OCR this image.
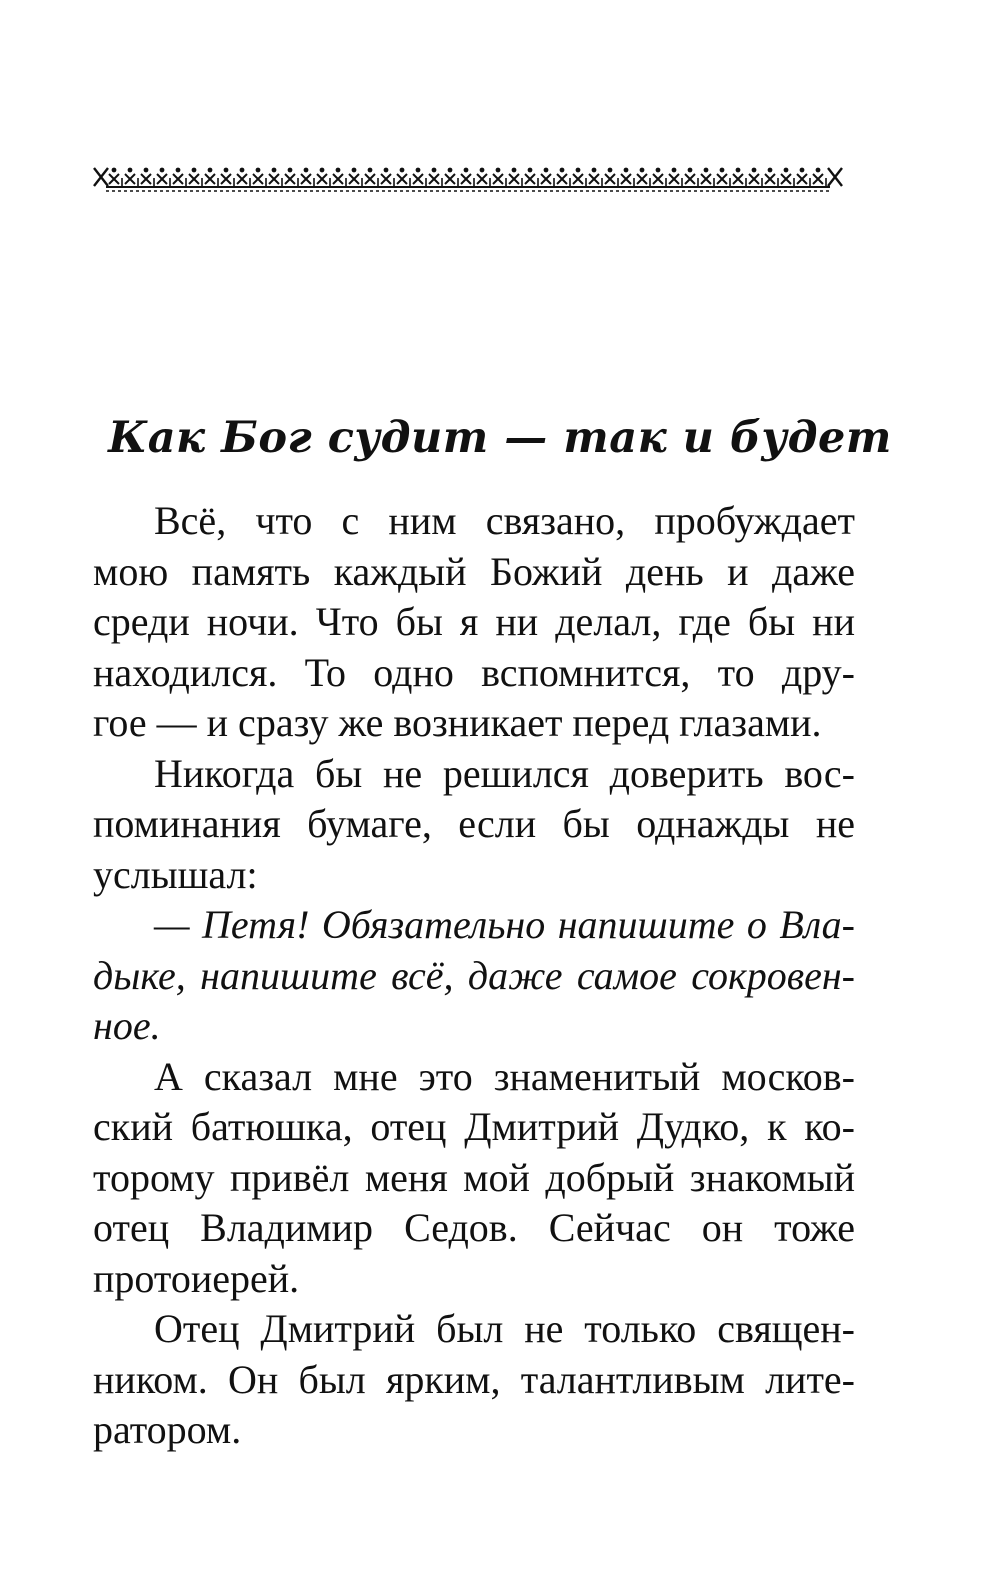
Как Бог судит — так и будет
Всё, что с ним связано, пробуждает
мою память каждый Божий день и даже
среди ночи. Что бы я ни делал, где бы ни
находился. То одно вспомнится, то дру-
гое — и сразу же возникает перед глазами.
Никогда бы не решился доверить вос-
поминания бумаге, если бы однажды не
услышал:
— Петя! Обязательно напишите о Вла-
дыке, напишите всё, даже самое сокровен-
ное.
А сказал мне это знаменитый москов-
ский батюшка, отец Дмитрий Дудко, к ко-
торому привёл меня мой добрый знакомый
отец Владимир Седов. Сейчас он тоже
протоиерей.
Отец Дмитрий был не только священ-
ником. Он был ярким, талантливым лите-
ратором.
